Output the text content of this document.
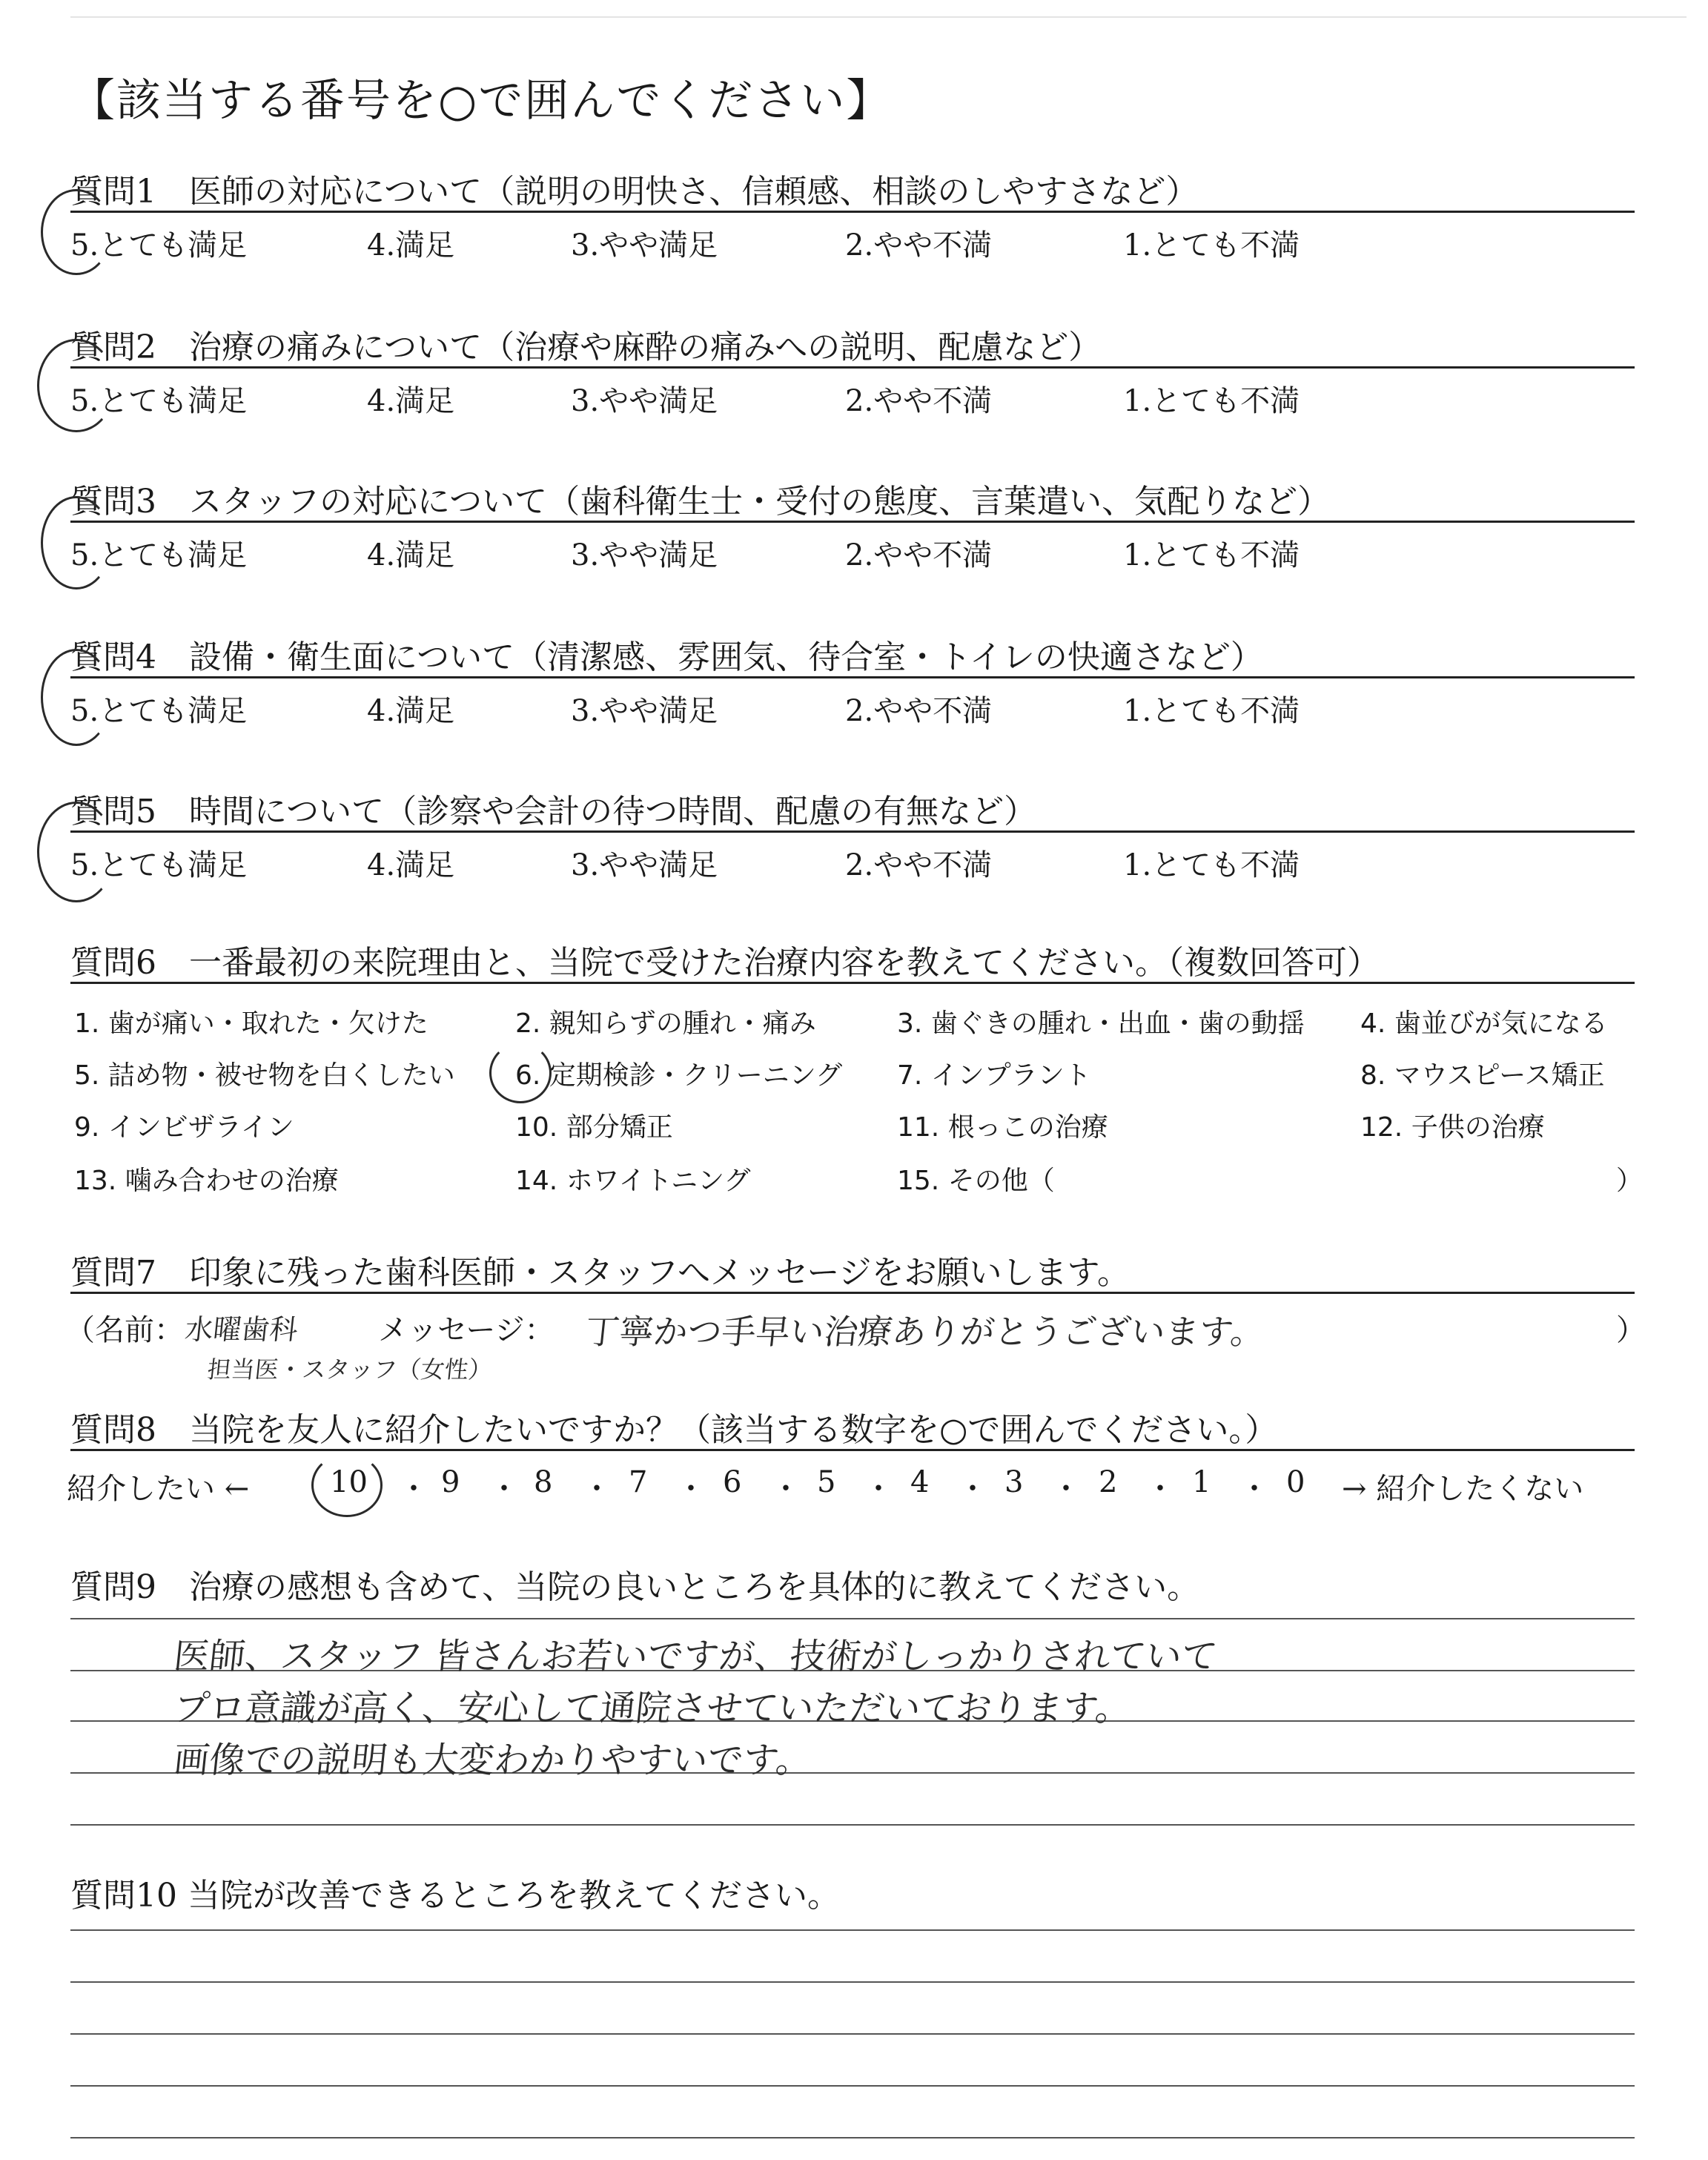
【該当する番号を○で囲んでください】
質問1　医師の対応について（説明の明快さ、信頼感、相談のしやすさなど）
5.とても満足	4.満足	3.やや満足	2.やや不満	1.とても不満
質問2　治療の痛みについて（治療や麻酔の痛みへの説明、配慮など）
5.とても満足	4.満足	3.やや満足	2.やや不満	1.とても不満
質問3　スタッフの対応について（歯科衛生士・受付の態度、言葉遣い、気配りなど）
5.とても満足	4.満足	3.やや満足	2.やや不満	1.とても不満
質問4　設備・衛生面について（清潔感、雰囲気、待合室・トイレの快適さなど）
5.とても満足	4.満足	3.やや満足	2.やや不満	1.とても不満
質問5　時間について（診察や会計の待つ時間、配慮の有無など）
5.とても満足	4.満足	3.やや満足	2.やや不満	1.とても不満
質問6　一番最初の来院理由と、当院で受けた治療内容を教えてください。（複数回答可）
1. 歯が痛い・取れた・欠けた	2. 親知らずの腫れ・痛み	3. 歯ぐきの腫れ・出血・歯の動揺 4. 歯並びが気になる
5. 詰め物・被せ物を白くしたい 6. 定期検診・クリーニング 7. インプラント	8. マウスピース矯正
9. インビザライン	10. 部分矯正	11. 根っこの治療	12. 子供の治療
13. 噛み合わせの治療	14. ホワイトニング	15. その他（	）
質問7　印象に残った歯科医師・スタッフへメッセージをお願いします。
（名前： 水曜歯科
担当医・スタッフ（女性）
メッセージ： 丁寧かつ手早い治療ありがとうございます。	）
質問8　当院を友人に紹介したいですか？（該当する数字を○で囲んでください。）
紹介したい ←	10 ・ 9 ・ 8 ・ 7 ・ 6 ・ 5 ・ 4 ・ 3 ・ 2 ・ 1 ・ 0 → 紹介したくない
質問9　治療の感想も含めて、当院の良いところを具体的に教えてください。
医師、スタッフ 皆さんお若いですが、技術がしっかりされていて
プロ意識が高く、安心して通院させていただいております。
画像での説明も大変わかりやすいです。
質問10 当院が改善できるところを教えてください。
